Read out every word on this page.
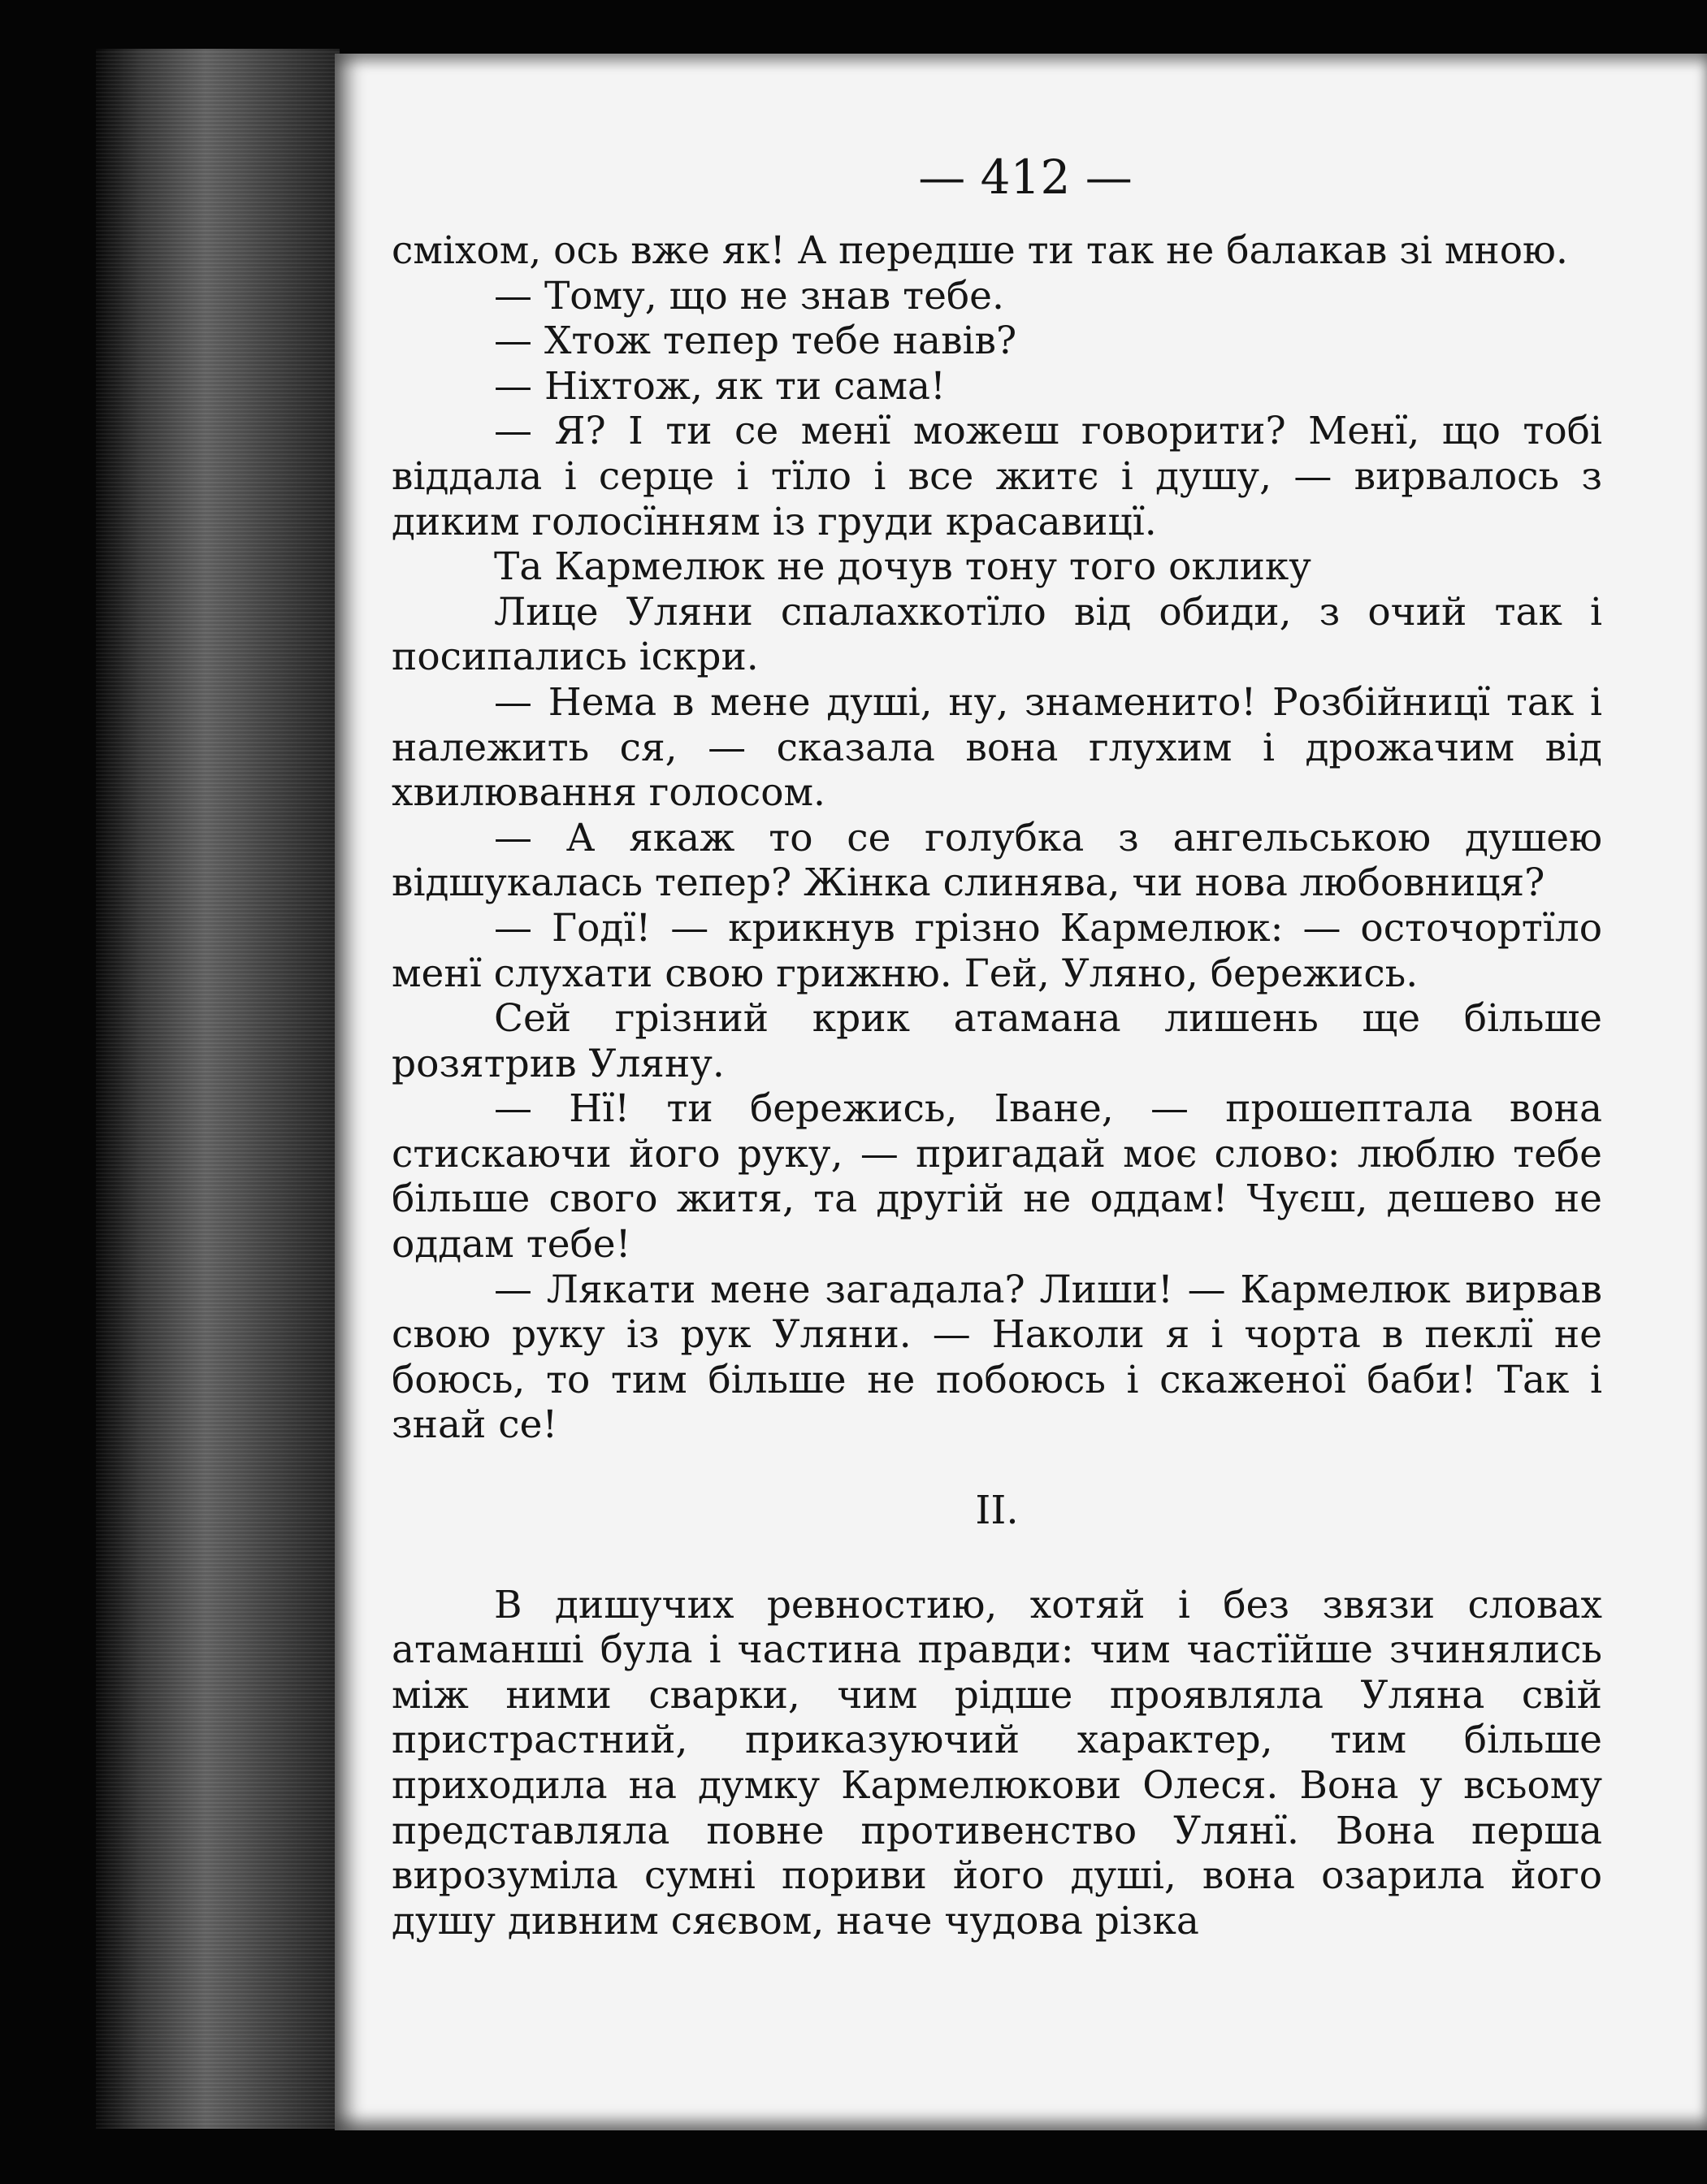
— 412 —

сміхом, ось вже як! А передше ти так не балакав зі мною.

— Тому, що не знав тебе.

— Хтож тепер тебе навів?

— Ніхтож, як ти сама!

— Я? І ти се менї можеш говорити? Менї, що тобі віддала і серце і тїло і все житє і душу, — вирвалось з диким голосїнням із груди красавицї.

Та Кармелюк не дочув тону того оклику

Лице Уляни спалахкотїло від обиди, з очий так і посипались іскри.

— Нема в мене душі, ну, знаменито! Розбійницї так і належить ся, — сказала вона глухим і дрожачим від хвилювання голосом.

— А якаж то се голубка з ангельською душею відшукалась тепер? Жінка слинява, чи нова любовниця?

— Годї! — крикнув грізно Кармелюк: — осточортїло менї слухати свою грижню. Гей, Уляно, бережись.

Сей грізний крик атамана лишень ще більше розятрив Уляну.

— Нї! ти бережись, Іване, — прошептала вона стискаючи його руку, — пригадай моє слово: люблю тебе більше свого житя, та другій не оддам! Чуєш, дешево не оддам тебе!

— Лякати мене загадала? Лиши! — Кармелюк вирвав свою руку із рук Уляни. — Наколи я і чорта в пеклї не боюсь, то тим більше не побоюсь і скаженої баби! Так і знай се!

II.

В дишучих ревностию, хотяй і без звязи словах атаманші була і частина правди: чим частїйше зчинялись між ними сварки, чим рідше проявляла Уляна свій пристрастний, приказуючий характер, тим більше приходила на думку Кармелюкови Олеся. Вона у всьому представляла повне противенство Улянї. Вона перша вирозуміла сумні пориви його душі, вона озарила його душу дивним сяєвом, наче чудова різка
